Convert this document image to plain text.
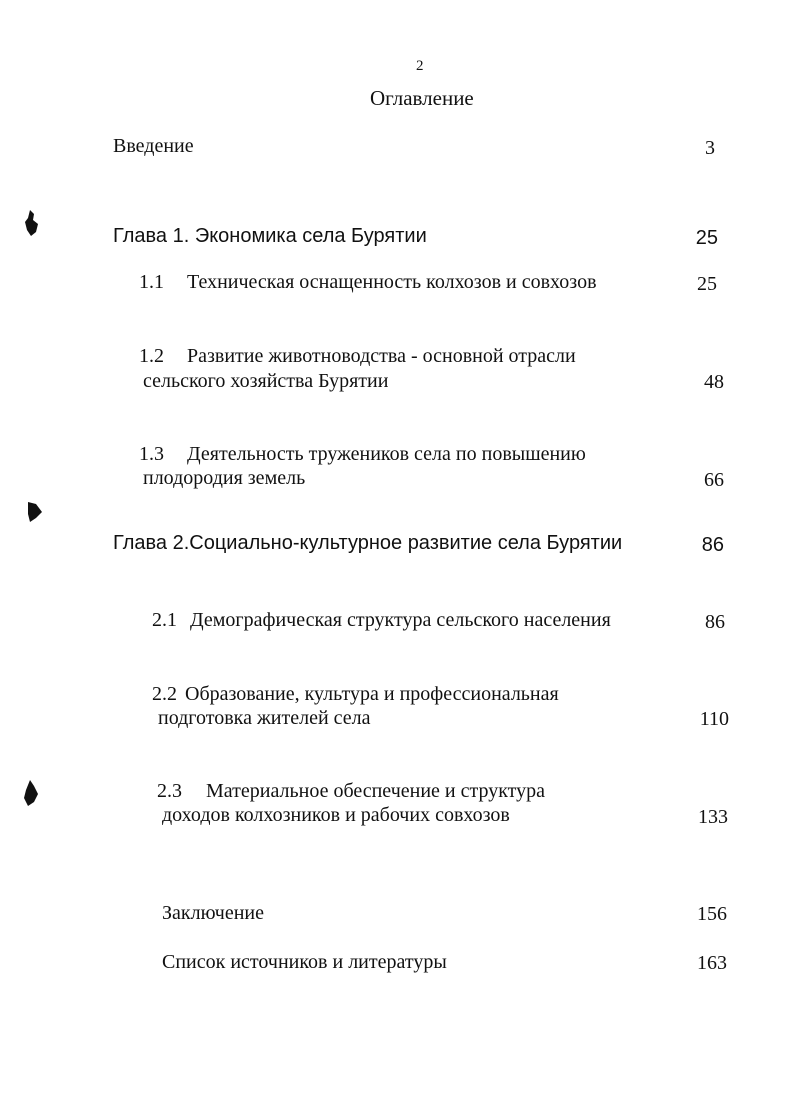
2
Оглавление
Введение	3
Глава 1. Экономика села Бурятии	25
1.1 Техническая оснащенность колхозов и совхозов	25
1.2 Развитие животноводства - основной отрасли
сельского хозяйства Бурятии	48
1.3 Деятельность тружеников села по повышению
плодородия земель	66
Глава 2.Социально-культурное развитие села Бурятии	86
2.1 Демографическая структура сельского населения	86
2.2 Образование, культура и профессиональная
подготовка жителей села	110
2.3 Материальное обеспечение и структура
доходов колхозников и рабочих совхозов	133
Заключение	156
Список источников и литературы	163
